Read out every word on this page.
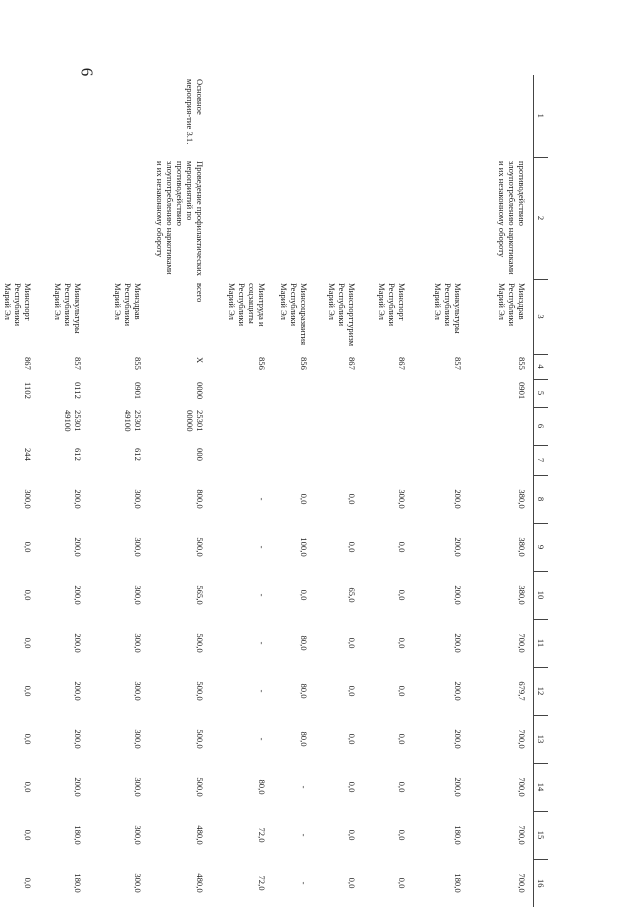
6
1	2	3	4	5	6	7	8	9	10	11	12	13	14	15	16
	противодействию злоупотреблению наркотиками и их незаконному обороту	Минздрав Республики Марий Эл	855	0901			380,0	380,0	380,0	700,0	679,7	700,0	700,0	700,0	700,0
		Минкультуры Республики Марий Эл	857				200,0	200,0	200,0	200,0	200,0	200,0	200,0	180,0	180,0
		Минспорт Республики Марий Эл	867				300,0	0,0	0,0	0,0	0,0	0,0	0,0	0,0	0,0
		Минспорттуризм Республики Марий Эл	867				0,0	0,0	65,0	0,0	0,0	0,0	0,0	0,0	0,0
		Минсоцразвития Республики Марий Эл	856				0,0	100,0	0,0	80,0	80,0	80,0	-	-	-
		Минтруда и соцзащиты Республики Марий Эл	856				-	-	-	-	-	-	80,0	72,0	72,0
Основное мероприя-тие 3.1.	Проведение профилактических мероприятий по противодействию злоупотреблению наркотиками и их незаконному обороту	всего	Х	0000	25301 00000	000	800,0	500,0	565,0	500,0	500,0	500,0	500,0	480,0	480,0
		Минздрав Республики Марий Эл	855	0901	25301 49100	612	300,0	300,0	300,0	300,0	300,0	300,0	300,0	300,0	300,0
		Минкультуры Республики Марий Эл	857	0112	25301 49100	612	200,0	200,0	200,0	200,0	200,0	200,0	200,0	180,0	180,0
		Минспорт Республики Марий Эл	867	1102		244	300,0	0,0	0,0	0,0	0,0	0,0	0,0	0,0	0,0
